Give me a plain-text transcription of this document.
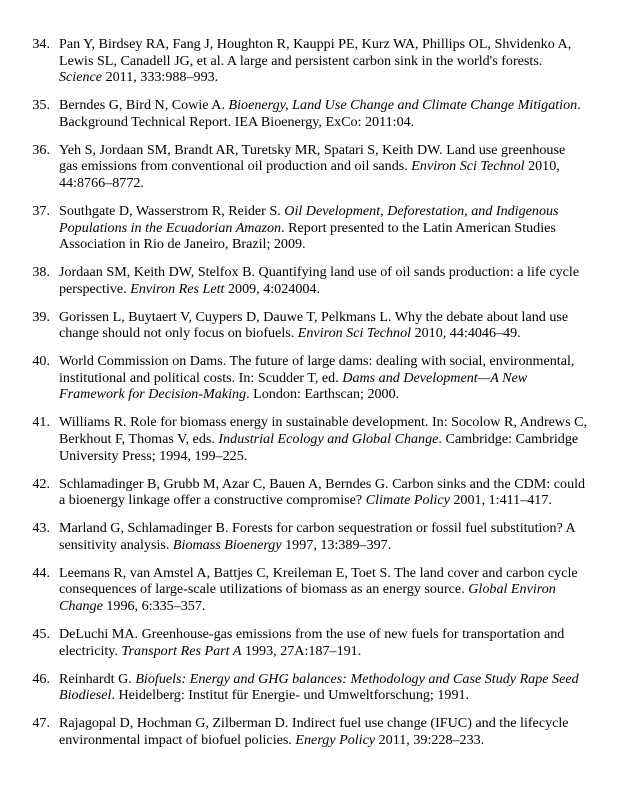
34. Pan Y, Birdsey RA, Fang J, Houghton R, Kauppi PE, Kurz WA, Phillips OL, Shvidenko A, Lewis SL, Canadell JG, et al. A large and persistent carbon sink in the world's forests. Science 2011, 333:988–993.
35. Berndes G, Bird N, Cowie A. Bioenergy, Land Use Change and Climate Change Mitigation. Background Technical Report. IEA Bioenergy, ExCo: 2011:04.
36. Yeh S, Jordaan SM, Brandt AR, Turetsky MR, Spatari S, Keith DW. Land use greenhouse gas emissions from conventional oil production and oil sands. Environ Sci Technol 2010, 44:8766–8772.
37. Southgate D, Wasserstrom R, Reider S. Oil Development, Deforestation, and Indigenous Populations in the Ecuadorian Amazon. Report presented to the Latin American Studies Association in Rio de Janeiro, Brazil; 2009.
38. Jordaan SM, Keith DW, Stelfox B. Quantifying land use of oil sands production: a life cycle perspective. Environ Res Lett 2009, 4:024004.
39. Gorissen L, Buytaert V, Cuypers D, Dauwe T, Pelkmans L. Why the debate about land use change should not only focus on biofuels. Environ Sci Technol 2010, 44:4046–49.
40. World Commission on Dams. The future of large dams: dealing with social, environmental, institutional and political costs. In: Scudder T, ed. Dams and Development—A New Framework for Decision-Making. London: Earthscan; 2000.
41. Williams R. Role for biomass energy in sustainable development. In: Socolow R, Andrews C, Berkhout F, Thomas V, eds. Industrial Ecology and Global Change. Cambridge: Cambridge University Press; 1994, 199–225.
42. Schlamadinger B, Grubb M, Azar C, Bauen A, Berndes G. Carbon sinks and the CDM: could a bioenergy linkage offer a constructive compromise? Climate Policy 2001, 1:411–417.
43. Marland G, Schlamadinger B. Forests for carbon sequestration or fossil fuel substitution? A sensitivity analysis. Biomass Bioenergy 1997, 13:389–397.
44. Leemans R, van Amstel A, Battjes C, Kreileman E, Toet S. The land cover and carbon cycle consequences of large-scale utilizations of biomass as an energy source. Global Environ Change 1996, 6:335–357.
45. DeLuchi MA. Greenhouse-gas emissions from the use of new fuels for transportation and electricity. Transport Res Part A 1993, 27A:187–191.
46. Reinhardt G. Biofuels: Energy and GHG balances: Methodology and Case Study Rape Seed Biodiesel. Heidelberg: Institut für Energie- und Umweltforschung; 1991.
47. Rajagopal D, Hochman G, Zilberman D. Indirect fuel use change (IFUC) and the lifecycle environmental impact of biofuel policies. Energy Policy 2011, 39:228–233.
